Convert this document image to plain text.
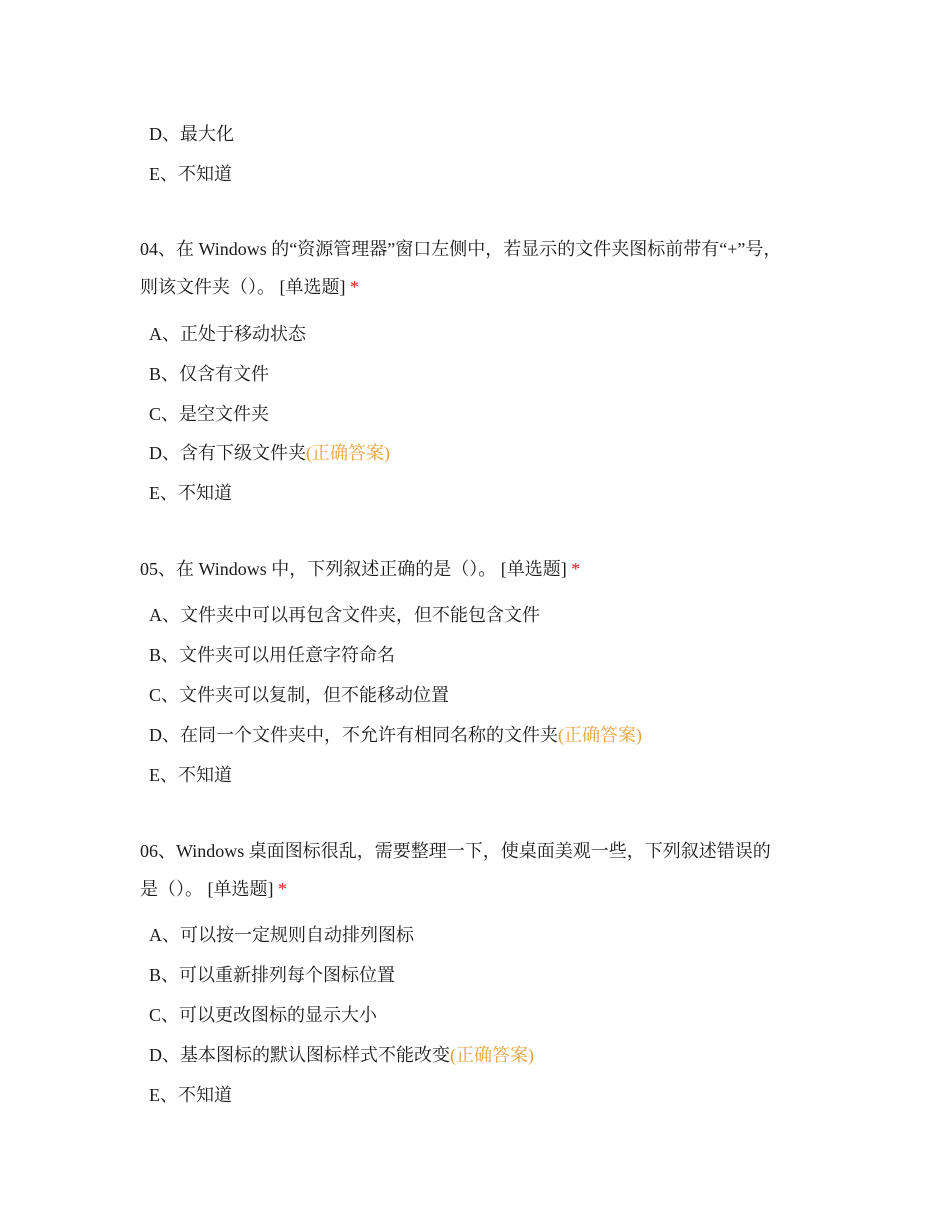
D、最大化
E、不知道
04、在 Windows 的“资源管理器”窗口左侧中，若显示的文件夹图标前带有“+”号，
则该文件夹（）。 [单选题] *
A、正处于移动状态
B、仅含有文件
C、是空文件夹
D、含有下级文件夹(正确答案)
E、不知道
05、在 Windows 中，下列叙述正确的是（）。 [单选题] *
A、文件夹中可以再包含文件夹，但不能包含文件
B、文件夹可以用任意字符命名
C、文件夹可以复制，但不能移动位置
D、在同一个文件夹中，不允许有相同名称的文件夹(正确答案)
E、不知道
06、Windows 桌面图标很乱，需要整理一下，使桌面美观一些，下列叙述错误的
是（）。 [单选题] *
A、可以按一定规则自动排列图标
B、可以重新排列每个图标位置
C、可以更改图标的显示大小
D、基本图标的默认图标样式不能改变(正确答案)
E、不知道
